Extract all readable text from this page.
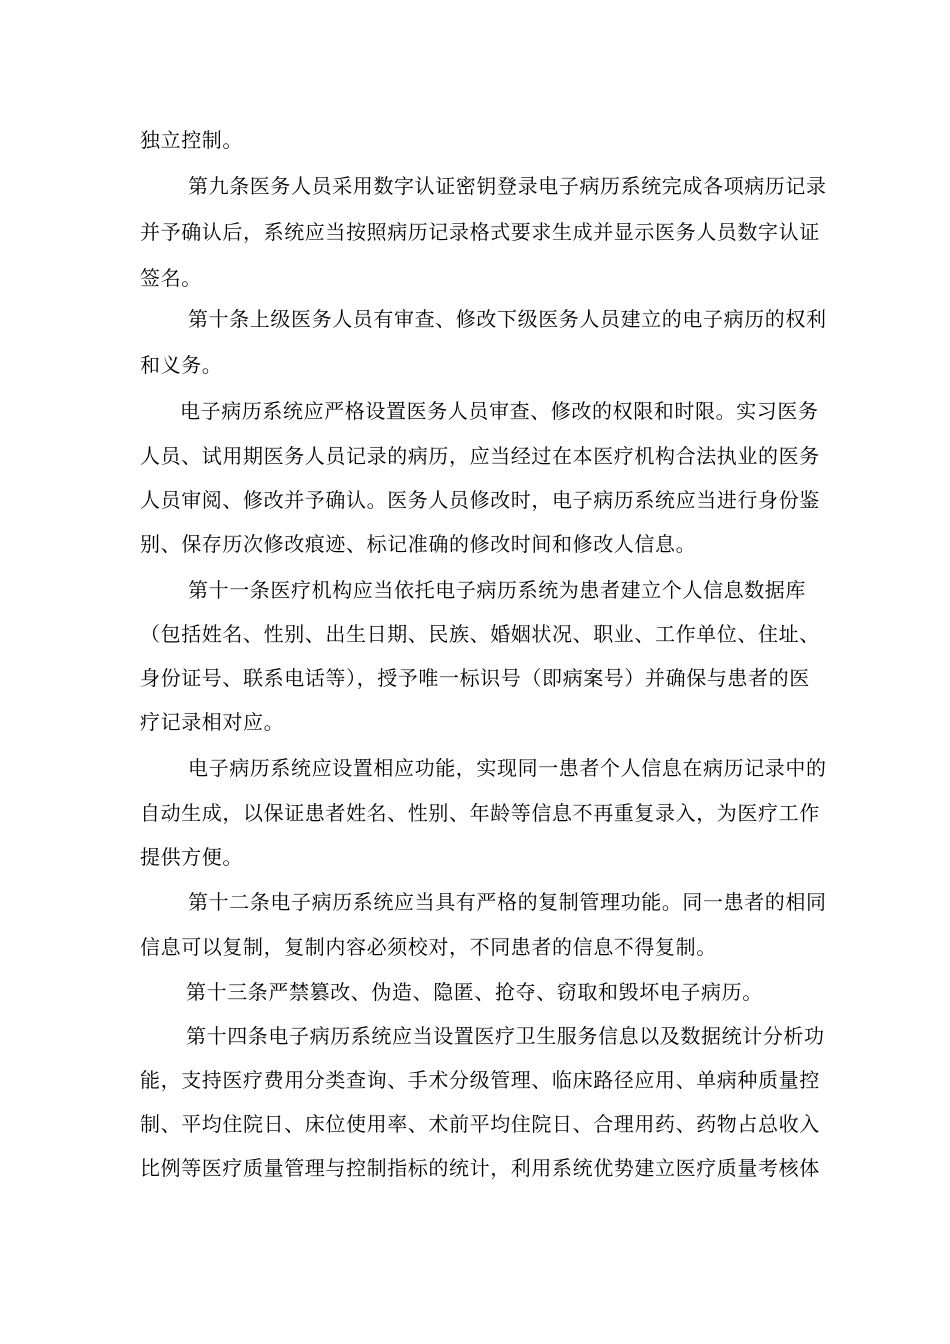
独立控制。
第九条医务人员采用数字认证密钥登录电子病历系统完成各项病历记录
并予确认后，系统应当按照病历记录格式要求生成并显示医务人员数字认证
签名。
第十条上级医务人员有审查、修改下级医务人员建立的电子病历的权利
和义务。
电子病历系统应严格设置医务人员审查、修改的权限和时限。实习医务
人员、试用期医务人员记录的病历，应当经过在本医疗机构合法执业的医务
人员审阅、修改并予确认。医务人员修改时，电子病历系统应当进行身份鉴
别、保存历次修改痕迹、标记准确的修改时间和修改人信息。
第十一条医疗机构应当依托电子病历系统为患者建立个人信息数据库
（包括姓名、性别、出生日期、民族、婚姻状况、职业、工作单位、住址、
身份证号、联系电话等），授予唯一标识号（即病案号）并确保与患者的医
疗记录相对应。
电子病历系统应设置相应功能，实现同一患者个人信息在病历记录中的
自动生成，以保证患者姓名、性别、年龄等信息不再重复录入，为医疗工作
提供方便。
第十二条电子病历系统应当具有严格的复制管理功能。同一患者的相同
信息可以复制，复制内容必须校对，不同患者的信息不得复制。
第十三条严禁篡改、伪造、隐匿、抢夺、窃取和毁坏电子病历。
第十四条电子病历系统应当设置医疗卫生服务信息以及数据统计分析功
能，支持医疗费用分类查询、手术分级管理、临床路径应用、单病种质量控
制、平均住院日、床位使用率、术前平均住院日、合理用药、药物占总收入
比例等医疗质量管理与控制指标的统计，利用系统优势建立医疗质量考核体
